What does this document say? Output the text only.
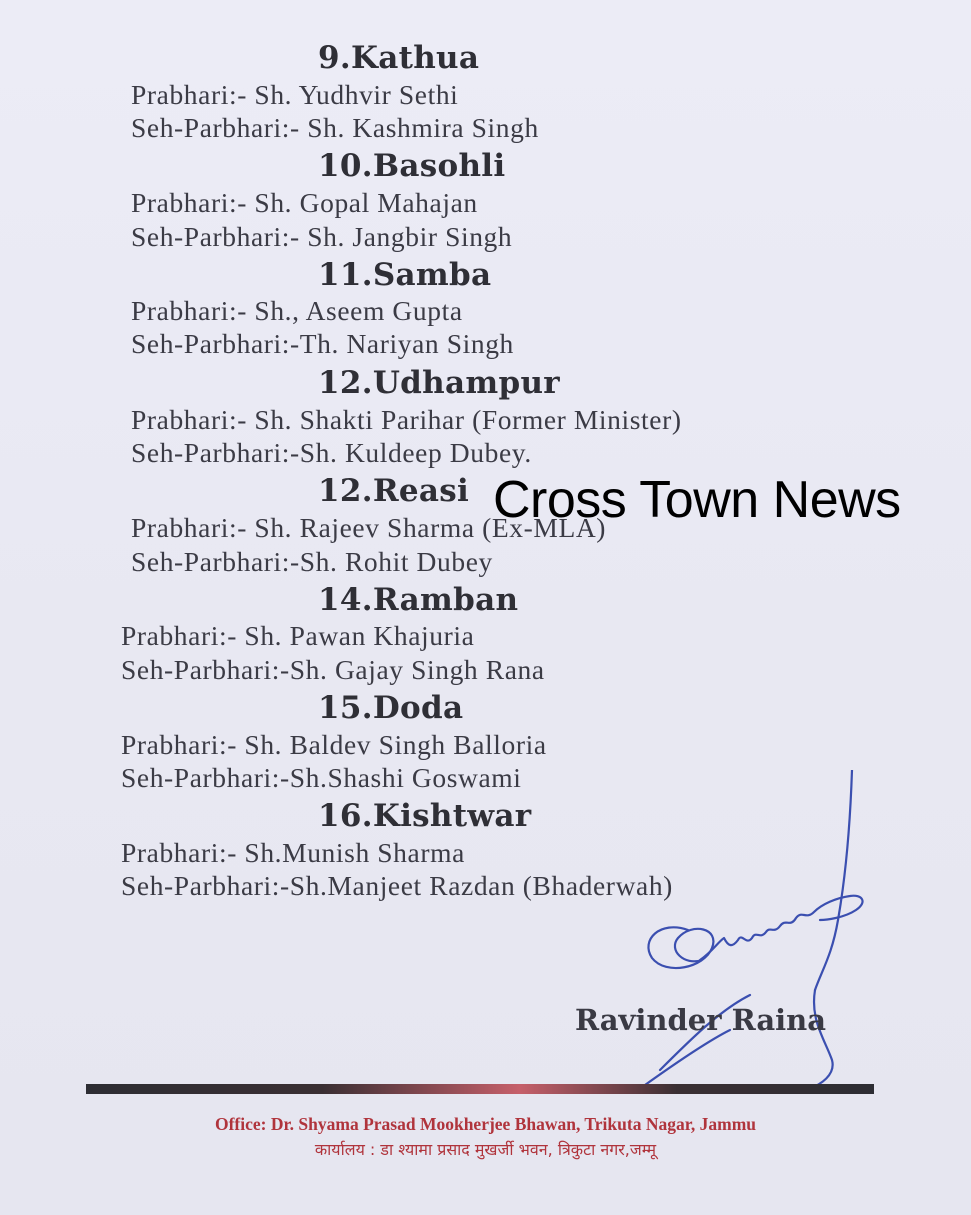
9.Kathua
Prabhari:- Sh. Yudhvir Sethi
Seh-Parbhari:- Sh. Kashmira Singh
10.Basohli
Prabhari:- Sh. Gopal Mahajan
Seh-Parbhari:- Sh. Jangbir Singh
11.Samba
Prabhari:- Sh., Aseem Gupta
Seh-Parbhari:-Th. Nariyan Singh
12.Udhampur
Prabhari:- Sh. Shakti Parihar (Former Minister)
Seh-Parbhari:-Sh. Kuldeep Dubey.
12.Reasi
Prabhari:- Sh. Rajeev Sharma (Ex-MLA)
Seh-Parbhari:-Sh. Rohit Dubey
14.Ramban
Prabhari:- Sh. Pawan Khajuria
Seh-Parbhari:-Sh. Gajay Singh Rana
15.Doda
Prabhari:- Sh. Baldev Singh Balloria
Seh-Parbhari:-Sh.Shashi Goswami
16.Kishtwar
Prabhari:- Sh.Munish Sharma
Seh-Parbhari:-Sh.Manjeet Razdan (Bhaderwah)
Cross Town News
Ravinder Raina
Office: Dr. Shyama Prasad Mookherjee Bhawan, Trikuta Nagar, Jammu
कार्यालय : डा श्यामा प्रसाद मुखर्जी भवन, त्रिकुटा नगर,जम्मू
